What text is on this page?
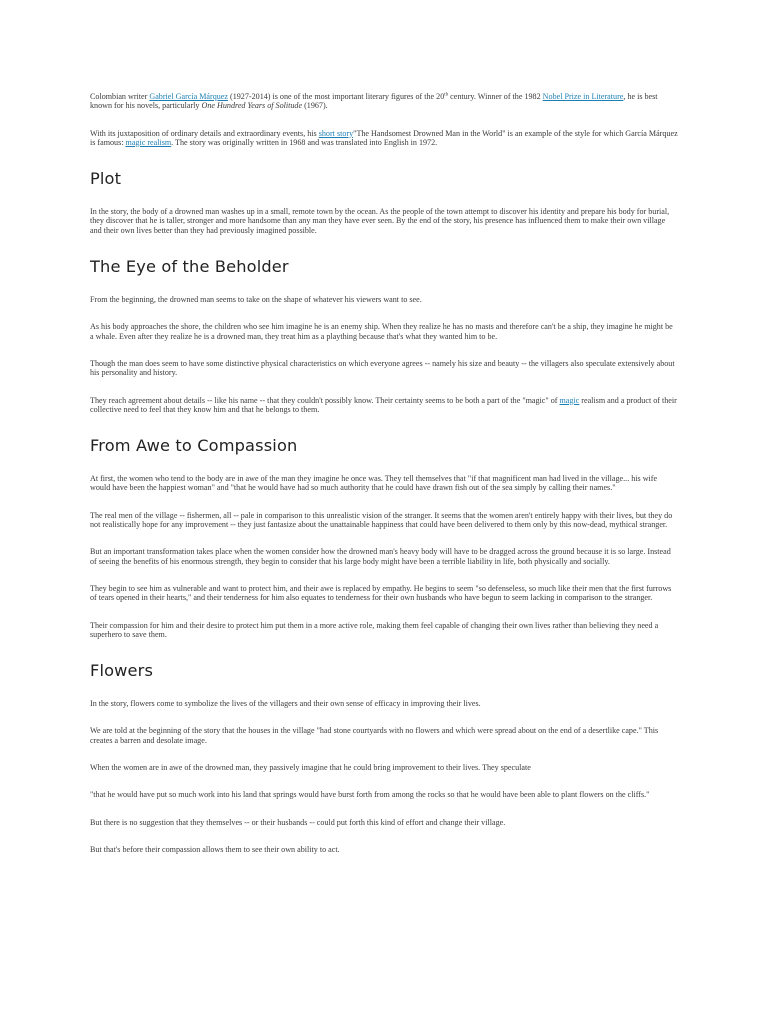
Colombian writer Gabriel García Márquez (1927-2014) is one of the most important literary figures of the 20th century. Winner of the 1982 Nobel Prize in Literature, he is best known for his novels, particularly One Hundred Years of Solitude (1967).

With its juxtaposition of ordinary details and extraordinary events, his short story"The Handsomest Drowned Man in the World" is an example of the style for which García Márquez is famous: magic realism. The story was originally written in 1968 and was translated into English in 1972.

Plot

In the story, the body of a drowned man washes up in a small, remote town by the ocean. As the people of the town attempt to discover his identity and prepare his body for burial, they discover that he is taller, stronger and more handsome than any man they have ever seen. By the end of the story, his presence has influenced them to make their own village and their own lives better than they had previously imagined possible.

The Eye of the Beholder

From the beginning, the drowned man seems to take on the shape of whatever his viewers want to see.

As his body approaches the shore, the children who see him imagine he is an enemy ship. When they realize he has no masts and therefore can't be a ship, they imagine he might be a whale. Even after they realize he is a drowned man, they treat him as a plaything because that's what they wanted him to be.

Though the man does seem to have some distinctive physical characteristics on which everyone agrees -- namely his size and beauty -- the villagers also speculate extensively about his personality and history.

They reach agreement about details -- like his name -- that they couldn't possibly know. Their certainty seems to be both a part of the "magic" of magic realism and a product of their collective need to feel that they know him and that he belongs to them.

From Awe to Compassion

At first, the women who tend to the body are in awe of the man they imagine he once was. They tell themselves that "if that magnificent man had lived in the village... his wife would have been the happiest woman" and "that he would have had so much authority that he could have drawn fish out of the sea simply by calling their names."

The real men of the village -- fishermen, all -- pale in comparison to this unrealistic vision of the stranger. It seems that the women aren't entirely happy with their lives, but they do not realistically hope for any improvement -- they just fantasize about the unattainable happiness that could have been delivered to them only by this now-dead, mythical stranger.

But an important transformation takes place when the women consider how the drowned man's heavy body will have to be dragged across the ground because it is so large. Instead of seeing the benefits of his enormous strength, they begin to consider that his large body might have been a terrible liability in life, both physically and socially.

They begin to see him as vulnerable and want to protect him, and their awe is replaced by empathy. He begins to seem "so defenseless, so much like their men that the first furrows of tears opened in their hearts," and their tenderness for him also equates to tenderness for their own husbands who have begun to seem lacking in comparison to the stranger.

Their compassion for him and their desire to protect him put them in a more active role, making them feel capable of changing their own lives rather than believing they need a superhero to save them.

Flowers

In the story, flowers come to symbolize the lives of the villagers and their own sense of efficacy in improving their lives.

We are told at the beginning of the story that the houses in the village "had stone courtyards with no flowers and which were spread about on the end of a desertlike cape." This creates a barren and desolate image.

When the women are in awe of the drowned man, they passively imagine that he could bring improvement to their lives. They speculate

"that he would have put so much work into his land that springs would have burst forth from among the rocks so that he would have been able to plant flowers on the cliffs."

But there is no suggestion that they themselves -- or their husbands -- could put forth this kind of effort and change their village.

But that's before their compassion allows them to see their own ability to act.
